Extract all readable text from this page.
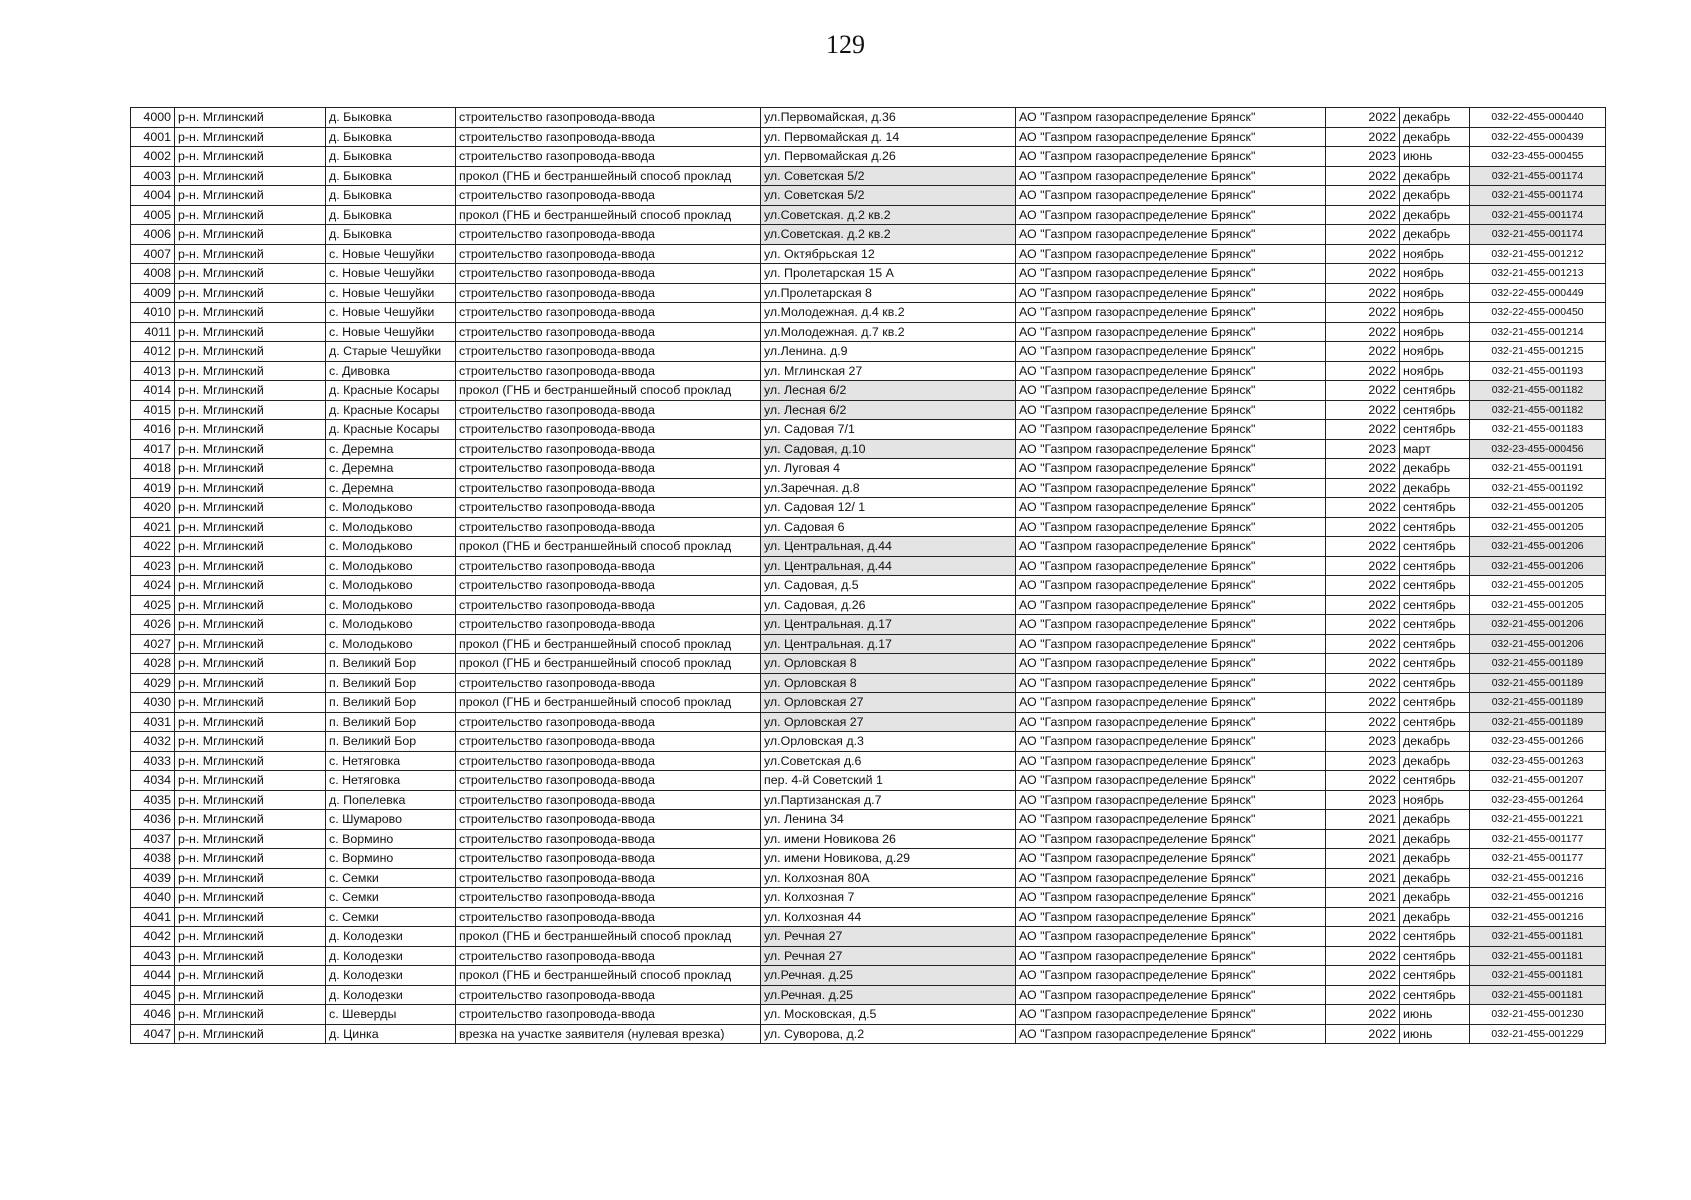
129
4000	р-н. Мглинский	д. Быковка	строительство газопровода-ввода	ул.Первомайская, д.36	АО "Газпром газораспределение Брянск"	2022	декабрь	032-22-455-000440
4001	р-н. Мглинский	д. Быковка	строительство газопровода-ввода	ул. Первомайская д. 14	АО "Газпром газораспределение Брянск"	2022	декабрь	032-22-455-000439
4002	р-н. Мглинский	д. Быковка	строительство газопровода-ввода	ул. Первомайская д.26	АО "Газпром газораспределение Брянск"	2023	июнь	032-23-455-000455
4003	р-н. Мглинский	д. Быковка	прокол (ГНБ и бестраншейный способ проклад	ул. Советская 5/2	АО "Газпром газораспределение Брянск"	2022	декабрь	032-21-455-001174
4004	р-н. Мглинский	д. Быковка	строительство газопровода-ввода	ул. Советская 5/2	АО "Газпром газораспределение Брянск"	2022	декабрь	032-21-455-001174
4005	р-н. Мглинский	д. Быковка	прокол (ГНБ и бестраншейный способ проклад	ул.Советская. д.2 кв.2	АО "Газпром газораспределение Брянск"	2022	декабрь	032-21-455-001174
4006	р-н. Мглинский	д. Быковка	строительство газопровода-ввода	ул.Советская. д.2 кв.2	АО "Газпром газораспределение Брянск"	2022	декабрь	032-21-455-001174
4007	р-н. Мглинский	с. Новые Чешуйки	строительство газопровода-ввода	ул. Октябрьская 12	АО "Газпром газораспределение Брянск"	2022	ноябрь	032-21-455-001212
4008	р-н. Мглинский	с. Новые Чешуйки	строительство газопровода-ввода	ул. Пролетарская 15 А	АО "Газпром газораспределение Брянск"	2022	ноябрь	032-21-455-001213
4009	р-н. Мглинский	с. Новые Чешуйки	строительство газопровода-ввода	ул.Пролетарская 8	АО "Газпром газораспределение Брянск"	2022	ноябрь	032-22-455-000449
4010	р-н. Мглинский	с. Новые Чешуйки	строительство газопровода-ввода	ул.Молодежная. д.4 кв.2	АО "Газпром газораспределение Брянск"	2022	ноябрь	032-22-455-000450
4011	р-н. Мглинский	с. Новые Чешуйки	строительство газопровода-ввода	ул.Молодежная. д.7 кв.2	АО "Газпром газораспределение Брянск"	2022	ноябрь	032-21-455-001214
4012	р-н. Мглинский	д. Старые Чешуйки	строительство газопровода-ввода	ул.Ленина. д.9	АО "Газпром газораспределение Брянск"	2022	ноябрь	032-21-455-001215
4013	р-н. Мглинский	с. Дивовка	строительство газопровода-ввода	ул. Мглинская 27	АО "Газпром газораспределение Брянск"	2022	ноябрь	032-21-455-001193
4014	р-н. Мглинский	д. Красные Косары	прокол (ГНБ и бестраншейный способ проклад	ул. Лесная 6/2	АО "Газпром газораспределение Брянск"	2022	сентябрь	032-21-455-001182
4015	р-н. Мглинский	д. Красные Косары	строительство газопровода-ввода	ул. Лесная 6/2	АО "Газпром газораспределение Брянск"	2022	сентябрь	032-21-455-001182
4016	р-н. Мглинский	д. Красные Косары	строительство газопровода-ввода	ул. Садовая 7/1	АО "Газпром газораспределение Брянск"	2022	сентябрь	032-21-455-001183
4017	р-н. Мглинский	с. Деремна	строительство газопровода-ввода	ул. Садовая, д.10	АО "Газпром газораспределение Брянск"	2023	март	032-23-455-000456
4018	р-н. Мглинский	с. Деремна	строительство газопровода-ввода	ул. Луговая 4	АО "Газпром газораспределение Брянск"	2022	декабрь	032-21-455-001191
4019	р-н. Мглинский	с. Деремна	строительство газопровода-ввода	ул.Заречная. д.8	АО "Газпром газораспределение Брянск"	2022	декабрь	032-21-455-001192
4020	р-н. Мглинский	с. Молодьково	строительство газопровода-ввода	ул. Садовая 12/ 1	АО "Газпром газораспределение Брянск"	2022	сентябрь	032-21-455-001205
4021	р-н. Мглинский	с. Молодьково	строительство газопровода-ввода	ул. Садовая 6	АО "Газпром газораспределение Брянск"	2022	сентябрь	032-21-455-001205
4022	р-н. Мглинский	с. Молодьково	прокол (ГНБ и бестраншейный способ проклад	ул. Центральная, д.44	АО "Газпром газораспределение Брянск"	2022	сентябрь	032-21-455-001206
4023	р-н. Мглинский	с. Молодьково	строительство газопровода-ввода	ул. Центральная, д.44	АО "Газпром газораспределение Брянск"	2022	сентябрь	032-21-455-001206
4024	р-н. Мглинский	с. Молодьково	строительство газопровода-ввода	ул. Садовая, д.5	АО "Газпром газораспределение Брянск"	2022	сентябрь	032-21-455-001205
4025	р-н. Мглинский	с. Молодьково	строительство газопровода-ввода	ул. Садовая, д.26	АО "Газпром газораспределение Брянск"	2022	сентябрь	032-21-455-001205
4026	р-н. Мглинский	с. Молодьково	строительство газопровода-ввода	ул. Центральная. д.17	АО "Газпром газораспределение Брянск"	2022	сентябрь	032-21-455-001206
4027	р-н. Мглинский	с. Молодьково	прокол (ГНБ и бестраншейный способ проклад	ул. Центральная. д.17	АО "Газпром газораспределение Брянск"	2022	сентябрь	032-21-455-001206
4028	р-н. Мглинский	п. Великий Бор	прокол (ГНБ и бестраншейный способ проклад	ул. Орловская 8	АО "Газпром газораспределение Брянск"	2022	сентябрь	032-21-455-001189
4029	р-н. Мглинский	п. Великий Бор	строительство газопровода-ввода	ул. Орловская 8	АО "Газпром газораспределение Брянск"	2022	сентябрь	032-21-455-001189
4030	р-н. Мглинский	п. Великий Бор	прокол (ГНБ и бестраншейный способ проклад	ул. Орловская 27	АО "Газпром газораспределение Брянск"	2022	сентябрь	032-21-455-001189
4031	р-н. Мглинский	п. Великий Бор	строительство газопровода-ввода	ул. Орловская 27	АО "Газпром газораспределение Брянск"	2022	сентябрь	032-21-455-001189
4032	р-н. Мглинский	п. Великий Бор	строительство газопровода-ввода	ул.Орловская д.3	АО "Газпром газораспределение Брянск"	2023	декабрь	032-23-455-001266
4033	р-н. Мглинский	с. Нетяговка	строительство газопровода-ввода	ул.Советская д.6	АО "Газпром газораспределение Брянск"	2023	декабрь	032-23-455-001263
4034	р-н. Мглинский	с. Нетяговка	строительство газопровода-ввода	пер. 4-й Советский 1	АО "Газпром газораспределение Брянск"	2022	сентябрь	032-21-455-001207
4035	р-н. Мглинский	д. Попелевка	строительство газопровода-ввода	ул.Партизанская д.7	АО "Газпром газораспределение Брянск"	2023	ноябрь	032-23-455-001264
4036	р-н. Мглинский	с. Шумарово	строительство газопровода-ввода	ул. Ленина 34	АО "Газпром газораспределение Брянск"	2021	декабрь	032-21-455-001221
4037	р-н. Мглинский	с. Вормино	строительство газопровода-ввода	ул. имени Новикова 26	АО "Газпром газораспределение Брянск"	2021	декабрь	032-21-455-001177
4038	р-н. Мглинский	с. Вормино	строительство газопровода-ввода	ул. имени Новикова, д.29	АО "Газпром газораспределение Брянск"	2021	декабрь	032-21-455-001177
4039	р-н. Мглинский	с. Семки	строительство газопровода-ввода	ул. Колхозная 80А	АО "Газпром газораспределение Брянск"	2021	декабрь	032-21-455-001216
4040	р-н. Мглинский	с. Семки	строительство газопровода-ввода	ул. Колхозная 7	АО "Газпром газораспределение Брянск"	2021	декабрь	032-21-455-001216
4041	р-н. Мглинский	с. Семки	строительство газопровода-ввода	ул. Колхозная 44	АО "Газпром газораспределение Брянск"	2021	декабрь	032-21-455-001216
4042	р-н. Мглинский	д. Колодезки	прокол (ГНБ и бестраншейный способ проклад	ул. Речная 27	АО "Газпром газораспределение Брянск"	2022	сентябрь	032-21-455-001181
4043	р-н. Мглинский	д. Колодезки	строительство газопровода-ввода	ул. Речная 27	АО "Газпром газораспределение Брянск"	2022	сентябрь	032-21-455-001181
4044	р-н. Мглинский	д. Колодезки	прокол (ГНБ и бестраншейный способ проклад	ул.Речная. д.25	АО "Газпром газораспределение Брянск"	2022	сентябрь	032-21-455-001181
4045	р-н. Мглинский	д. Колодезки	строительство газопровода-ввода	ул.Речная. д.25	АО "Газпром газораспределение Брянск"	2022	сентябрь	032-21-455-001181
4046	р-н. Мглинский	с. Шеверды	строительство газопровода-ввода	ул. Московская, д.5	АО "Газпром газораспределение Брянск"	2022	июнь	032-21-455-001230
4047	р-н. Мглинский	д. Цинка	врезка на участке заявителя (нулевая врезка)	ул. Суворова, д.2	АО "Газпром газораспределение Брянск"	2022	июнь	032-21-455-001229
